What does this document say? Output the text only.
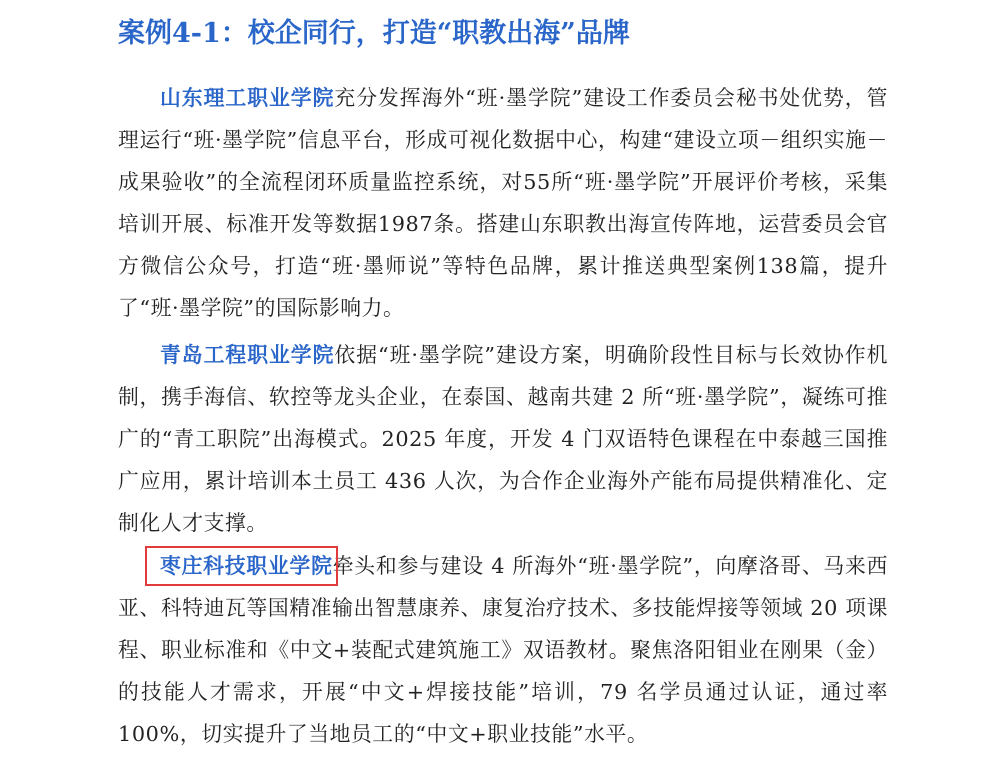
案例4-1：校企同行，打造“职教出海”品牌

山东理工职业学院充分发挥海外“班·墨学院”建设工作委员会秘书处优势，管理运行“班·墨学院”信息平台，形成可视化数据中心，构建“建设立项－组织实施－成果验收”的全流程闭环质量监控系统，对55所“班·墨学院”开展评价考核，采集培训开展、标准开发等数据1987条。搭建山东职教出海宣传阵地，运营委员会官方微信公众号，打造“班·墨师说”等特色品牌，累计推送典型案例138篇，提升了“班·墨学院”的国际影响力。

青岛工程职业学院依据“班·墨学院”建设方案，明确阶段性目标与长效协作机制，携手海信、软控等龙头企业，在泰国、越南共建 2 所“班·墨学院”，凝练可推广的“青工职院”出海模式。2025 年度，开发 4 门双语特色课程在中泰越三国推广应用，累计培训本土员工 436 人次，为合作企业海外产能布局提供精准化、定制化人才支撑。

枣庄科技职业学院牵头和参与建设 4 所海外“班·墨学院”，向摩洛哥、马来西亚、科特迪瓦等国精准输出智慧康养、康复治疗技术、多技能焊接等领域 20 项课程、职业标准和《中文+装配式建筑施工》双语教材。聚焦洛阳钼业在刚果（金）的技能人才需求，开展“中文+焊接技能”培训，79 名学员通过认证，通过率 100%，切实提升了当地员工的“中文+职业技能”水平。
